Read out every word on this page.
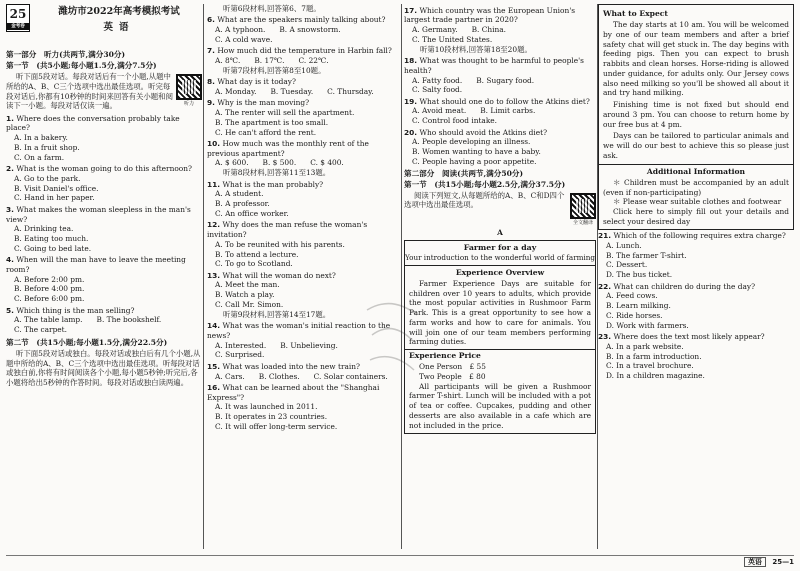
25
金考卷
潍坊市2022年高考模拟考试
英语
第一部分　听力(共两节,满分30分)
第一节　(共5小题;每小题1.5分,满分7.5分)
听下面5段对话。每段对话后有一个小题,从题中所给的A、B、C三个选项中选出最佳选项。听完每段对话后,你都有10秒钟的时间来回答有关小题和阅读下一小题。每段对话仅读一遍。	听力
1. Where does the conversation probably take place?
A. In a bakery.
B. In a fruit shop.
C. On a farm.
2. What is the woman going to do this afternoon?
A. Go to the park.
B. Visit Daniel's office.
C. Hand in her paper.
3. What makes the woman sleepless in the man's view?
A. Drinking tea.
B. Eating too much.
C. Going to bed late.
4. When will the man have to leave the meeting room?
A. Before 2:00 pm.
B. Before 4:00 pm.
C. Before 6:00 pm.
5. Which thing is the man selling?
A. The table lamp. B. The bookshelf.
C. The carpet.
第二节　(共15小题;每小题1.5分,满分22.5分)
听下面5段对话或独白。每段对话或独白后有几个小题,从题中所给的A、B、C三个选项中选出最佳选项。听每段对话或独白前,你将有时间阅读各个小题,每小题5秒钟;听完后,各小题将给出5秒钟的作答时间。每段对话或独白读两遍。
听第6段材料,回答第6、7题。
6. What are the speakers mainly talking about?
A. A typhoon. B. A snowstorm.
C. A cold wave.
7. How much did the temperature in Harbin fall?
A. 8℃. B. 17℃. C. 22℃.
听第7段材料,回答第8至10题。
8. What day is it today?
A. Monday. B. Tuesday. C. Thursday.
9. Why is the man moving?
A. The renter will sell the apartment.
B. The apartment is too small.
C. He can't afford the rent.
10. How much was the monthly rent of the previous apartment?
A. $ 600. B. $ 500. C. $ 400.
听第8段材料,回答第11至13题。
11. What is the man probably?
A. A student.
B. A professor.
C. An office worker.
12. Why does the man refuse the woman's invitation?
A. To be reunited with his parents.
B. To attend a lecture.
C. To go to Scotland.
13. What will the woman do next?
A. Meet the man.
B. Watch a play.
C. Call Mr. Simon.
听第9段材料,回答第14至17题。
14. What was the woman's initial reaction to the news?
A. Interested. B. Unbelieving.
C. Surprised.
15. What was loaded into the new train?
A. Cars. B. Clothes. C. Solar containers.
16. What can be learned about the "Shanghai Express"?
A. It was launched in 2011.
B. It operates in 23 countries.
C. It will offer long-term service.
17. Which country was the European Union's largest trade partner in 2020?
A. Germany. B. China.
C. The United States.
听第10段材料,回答第18至20题。
18. What was thought to be harmful to people's health?
A. Fatty food. B. Sugary food.
C. Salty food.
19. What should one do to follow the Atkins diet?
A. Avoid meat. B. Limit carbs.
C. Control food intake.
20. Who should avoid the Atkins diet?
A. People developing an illness.
B. Women wanting to have a baby.
C. People having a poor appetite.
第二部分　阅读(共两节,满分50分)
第一节　(共15小题;每小题2.5分,满分37.5分)
阅读下列短文,从每题所给的A、B、C和D四个选项中选出最佳选项。
全文翻译
A
Farmer for a day
Your introduction to the wonderful world of farming
Experience Overview
Farmer Experience Days are suitable for children over 10 years to adults, which provide the most popular activities in Rushmoor Farm Park. This is a great opportunity to see how a farm works and how to care for animals. You will join one of our team members performing farming duties.
Experience Price
One Person　£ 55
Two People　£ 80
All participants will be given a Rushmoor farmer T-shirt. Lunch will be included with a pot of tea or coffee. Cupcakes, pudding and other desserts are also available in a cafe which are not included in the price.
What to Expect
The day starts at 10 am. You will be welcomed by one of our team members and after a brief safety chat will get stuck in. The day begins with feeding pigs. Then you can expect to brush rabbits and clean horses. Horse-riding is allowed under guidance, for adults only. Our Jersey cows also need milking so you'll be showed all about it and try hand milking.
Finishing time is not fixed but should end around 3 pm. You can choose to return home by our free bus at 4 pm.
Days can be tailored to particular animals and we will do our best to achieve this so please just ask.
Additional Information
＊ Children must be accompanied by an adult (even if non-participating)
＊ Please wear suitable clothes and footwear
Click here to simply fill out your details and select your desired day
21. Which of the following requires extra charge?
A. Lunch.
B. The farmer T-shirt.
C. Dessert.
D. The bus ticket.
22. What can children do during the day?
A. Feed cows.
B. Learn milking.
C. Ride horses.
D. Work with farmers.
23. Where does the text most likely appear?
A. In a park website.
B. In a farm introduction.
C. In a travel brochure.
D. In a children magazine.
英语 25—1
